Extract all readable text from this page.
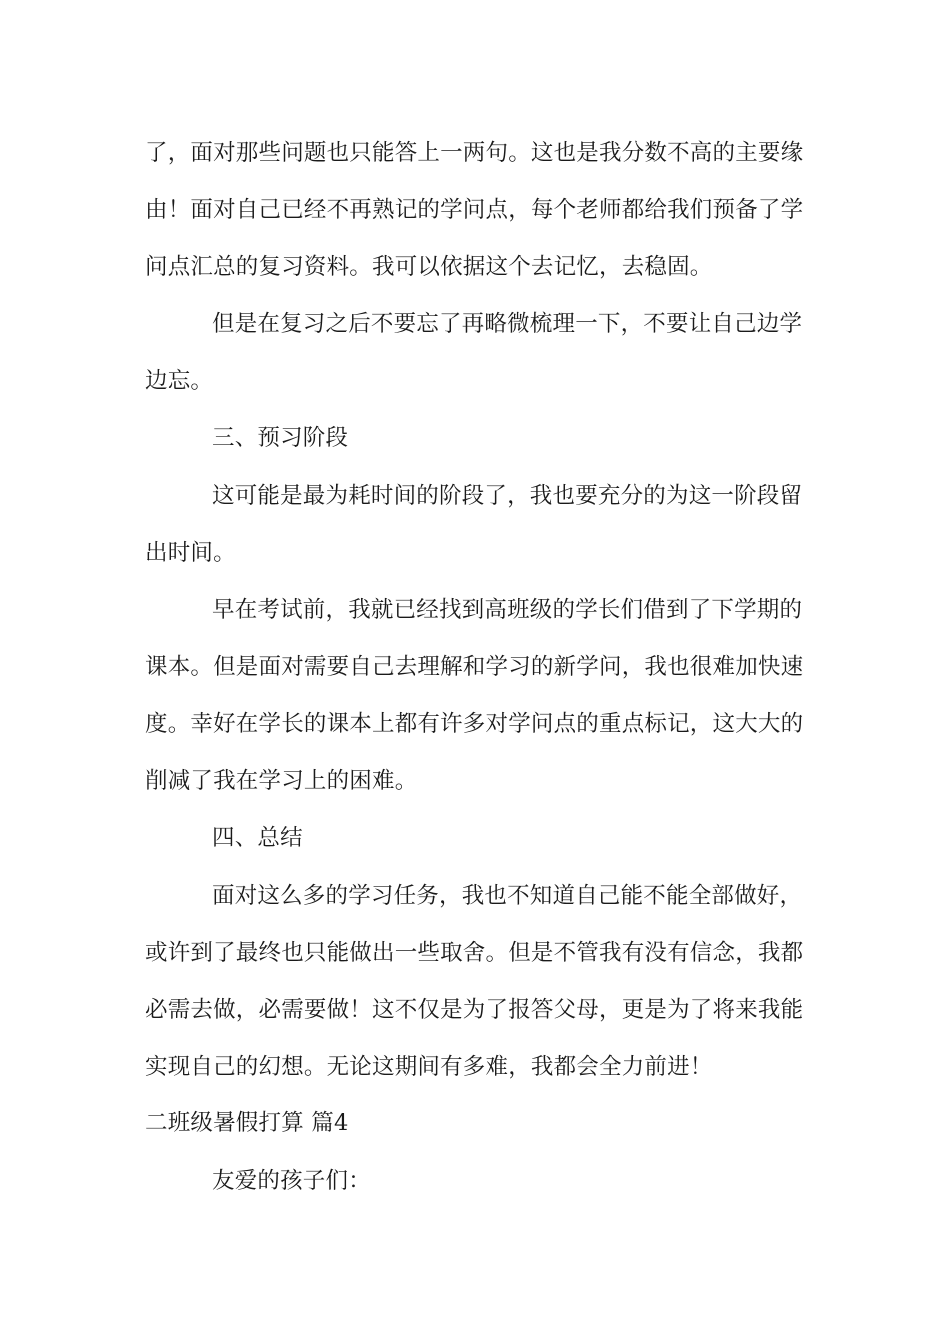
了，面对那些问题也只能答上一两句。这也是我分数不高的主要缘
由！面对自己已经不再熟记的学问点，每个老师都给我们预备了学
问点汇总的复习资料。我可以依据这个去记忆，去稳固。
但是在复习之后不要忘了再略微梳理一下，不要让自己边学
边忘。
三、预习阶段
这可能是最为耗时间的阶段了，我也要充分的为这一阶段留
出时间。
早在考试前，我就已经找到高班级的学长们借到了下学期的
课本。但是面对需要自己去理解和学习的新学问，我也很难加快速
度。幸好在学长的课本上都有许多对学问点的重点标记，这大大的
削减了我在学习上的困难。
四、总结
面对这么多的学习任务，我也不知道自己能不能全部做好，
或许到了最终也只能做出一些取舍。但是不管我有没有信念，我都
必需去做，必需要做！这不仅是为了报答父母，更是为了将来我能
实现自己的幻想。无论这期间有多难，我都会全力前进！
二班级暑假打算 篇4
友爱的孩子们：
